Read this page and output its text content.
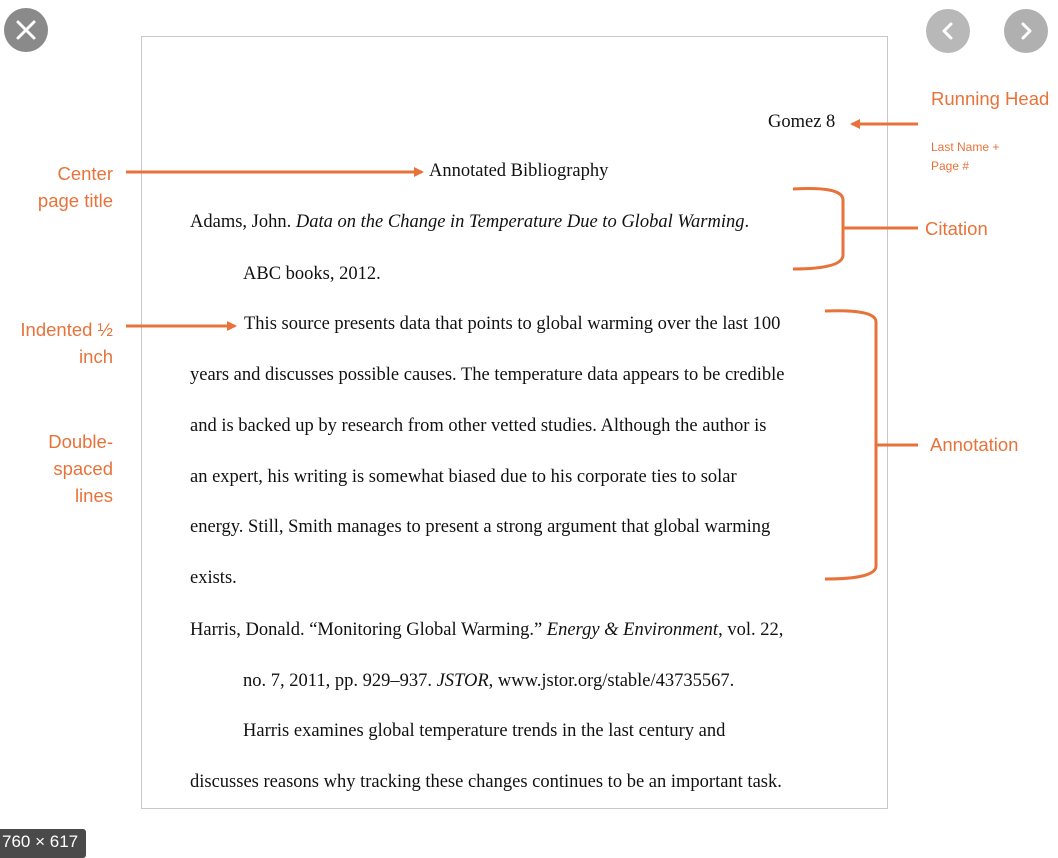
Gomez 8
Annotated Bibliography
Adams, John. Data on the Change in Temperature Due to Global Warming.
ABC books, 2012.
This source presents data that points to global warming over the last 100
years and discusses possible causes. The temperature data appears to be credible
and is backed up by research from other vetted studies. Although the author is
an expert, his writing is somewhat biased due to his corporate ties to solar
energy. Still, Smith manages to present a strong argument that global warming
exists.
Harris, Donald. “Monitoring Global Warming.” Energy & Environment, vol. 22,
no. 7, 2011, pp. 929–937. JSTOR, www.jstor.org/stable/43735567.
Harris examines global temperature trends in the last century and
discusses reasons why tracking these changes continues to be an important task.
Running Head
Last Name + Page #
Center page title
Citation
Indented ½ inch
Annotation
Double-spaced lines
760 × 617
